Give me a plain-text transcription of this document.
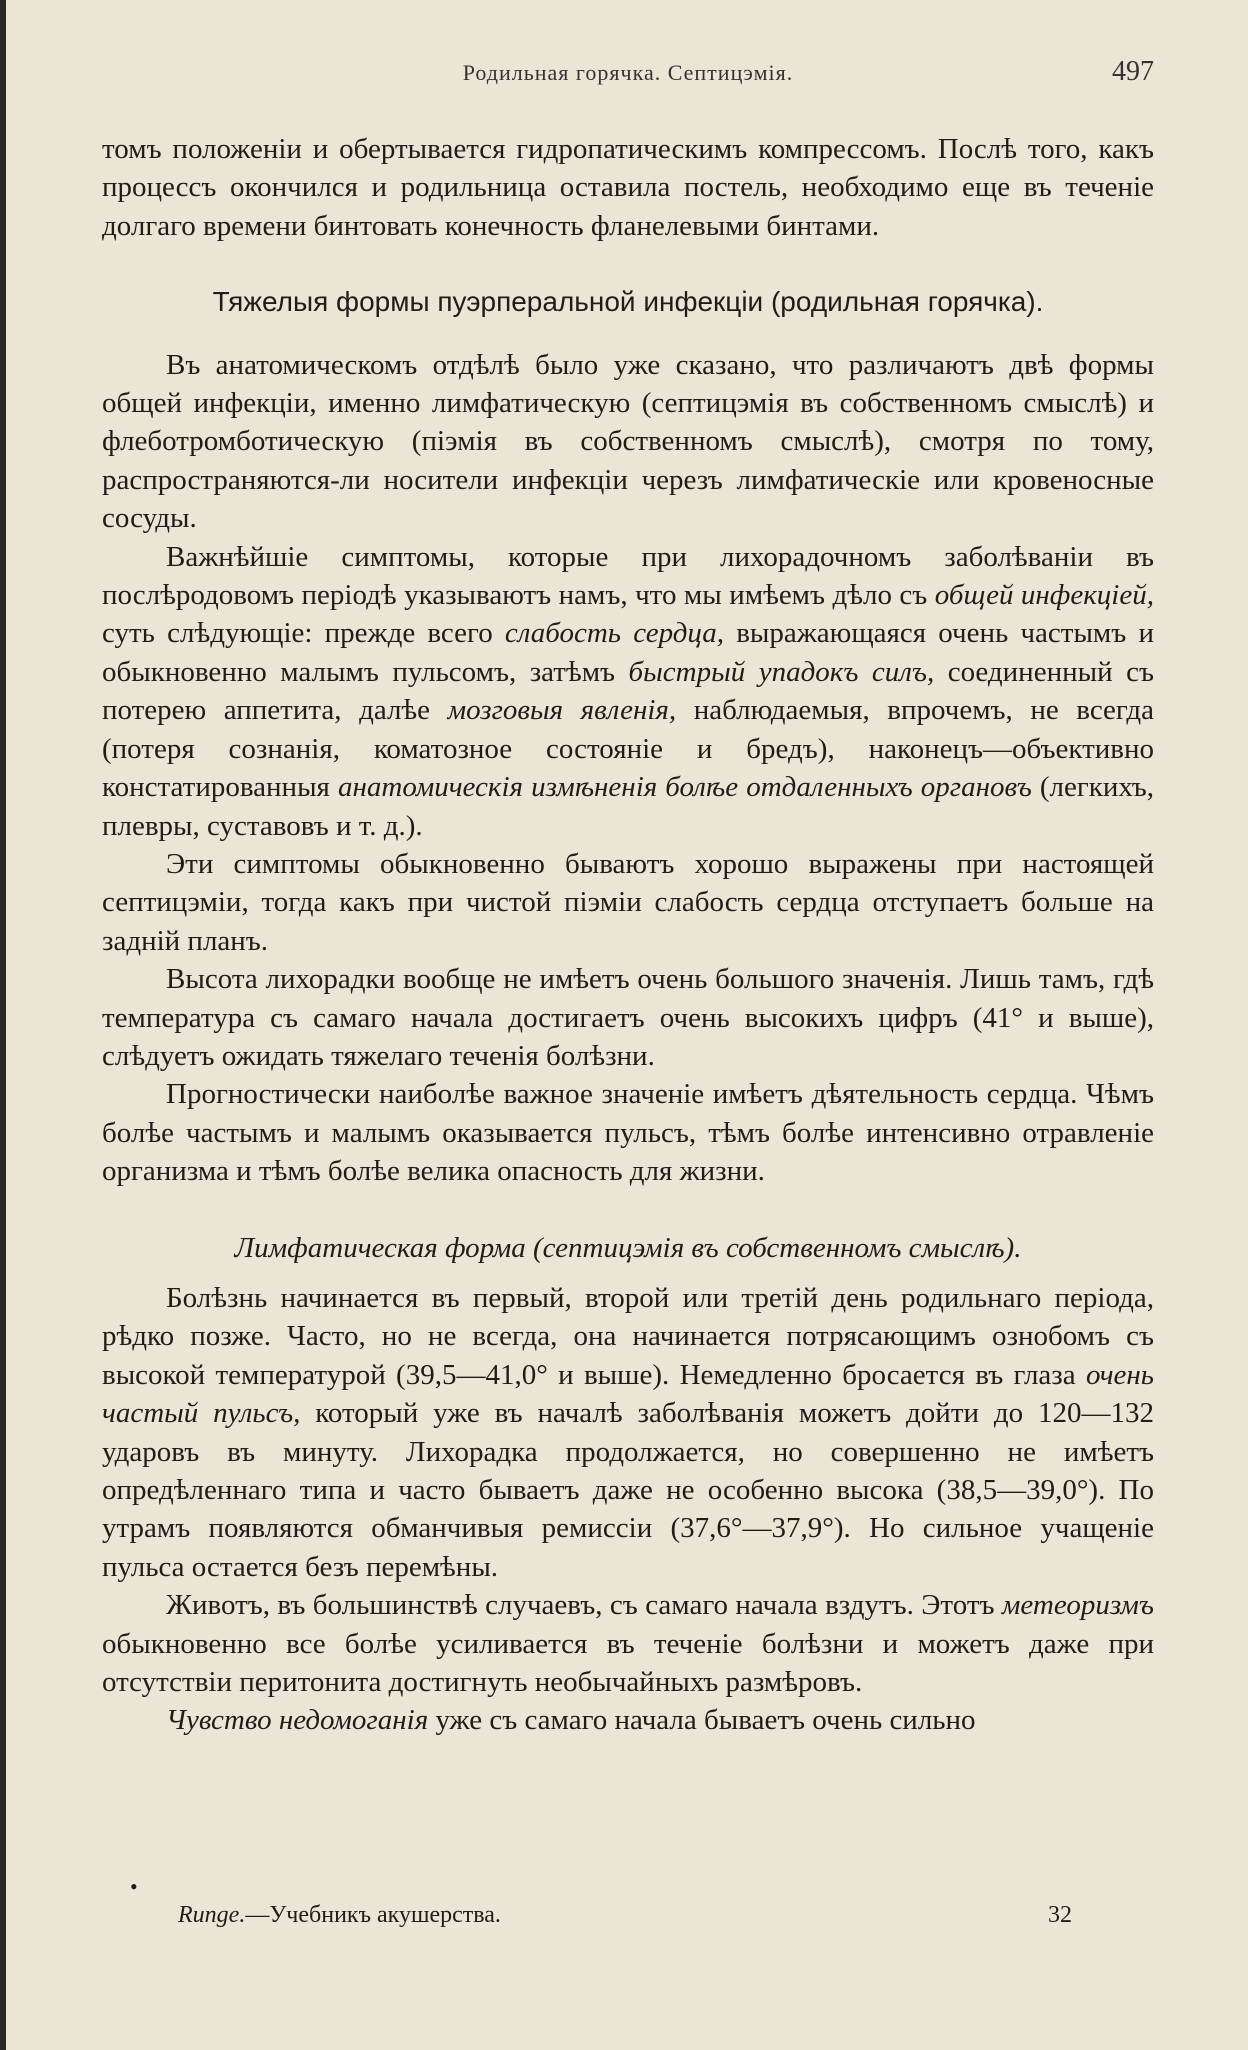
Родильная горячка. Септицэмія.	497

томъ положеніи и обертывается гидропатическимъ компрессомъ. Послѣ того, какъ процессъ окончился и родильница оставила постель, необходимо еще въ теченіе долгаго времени бинтовать конечность фланелевыми бинтами.

Тяжелыя формы пуэрперальной инфекціи (родильная горячка).

Въ анатомическомъ отдѣлѣ было уже сказано, что различаютъ двѣ формы общей инфекціи, именно лимфатическую (септицэмія въ собственномъ смыслѣ) и флеботромботическую (піэмія въ собственномъ смыслѣ), смотря по тому, распространяются-ли носители инфекціи черезъ лимфатическіе или кровеносные сосуды.

Важнѣйшіе симптомы, которые при лихорадочномъ заболѣваніи въ послѣродовомъ періодѣ указываютъ намъ, что мы имѣемъ дѣло съ общей инфекціей, суть слѣдующіе: прежде всего слабость сердца, выражающаяся очень частымъ и обыкновенно малымъ пульсомъ, затѣмъ быстрый упадокъ силъ, соединенный съ потерею аппетита, далѣе мозговыя явленія, наблюдаемыя, впрочемъ, не всегда (потеря сознанія, коматозное состояніе и бредъ), наконецъ—объективно констатированныя анатомическія измѣненія болѣе отдаленныхъ органовъ (легкихъ, плевры, суставовъ и т. д.).

Эти симптомы обыкновенно бываютъ хорошо выражены при настоящей септицэміи, тогда какъ при чистой піэміи слабость сердца отступаетъ больше на задній планъ.

Высота лихорадки вообще не имѣетъ очень большого значенія. Лишь тамъ, гдѣ температура съ самаго начала достигаетъ очень высокихъ цифръ (41° и выше), слѣдуетъ ожидать тяжелаго теченія болѣзни.

Прогностически наиболѣе важное значеніе имѣетъ дѣятельность сердца. Чѣмъ болѣе частымъ и малымъ оказывается пульсъ, тѣмъ болѣе интенсивно отравленіе организма и тѣмъ болѣе велика опасность для жизни.

Лимфатическая форма (септицэмія въ собственномъ смыслѣ).

Болѣзнь начинается въ первый, второй или третій день родильнаго періода, рѣдко позже. Часто, но не всегда, она начинается потрясающимъ ознобомъ съ высокой температурой (39,5—41,0° и выше). Немедленно бросается въ глаза очень частый пульсъ, который уже въ началѣ заболѣванія можетъ дойти до 120—132 ударовъ въ минуту. Лихорадка продолжается, но совершенно не имѣетъ опредѣленнаго типа и часто бываетъ даже не особенно высока (38,5—39,0°). По утрамъ появляются обманчивыя ремиссіи (37,6°—37,9°). Но сильное учащеніе пульса остается безъ перемѣны.

Животъ, въ большинствѣ случаевъ, съ самаго начала вздутъ. Этотъ метеоризмъ обыкновенно все болѣе усиливается въ теченіе болѣзни и можетъ даже при отсутствіи перитонита достигнуть необычайныхъ размѣровъ.

Чувство недомоганія уже съ самаго начала бываетъ очень сильно

•
Runge.—Учебникъ акушерства.	32
